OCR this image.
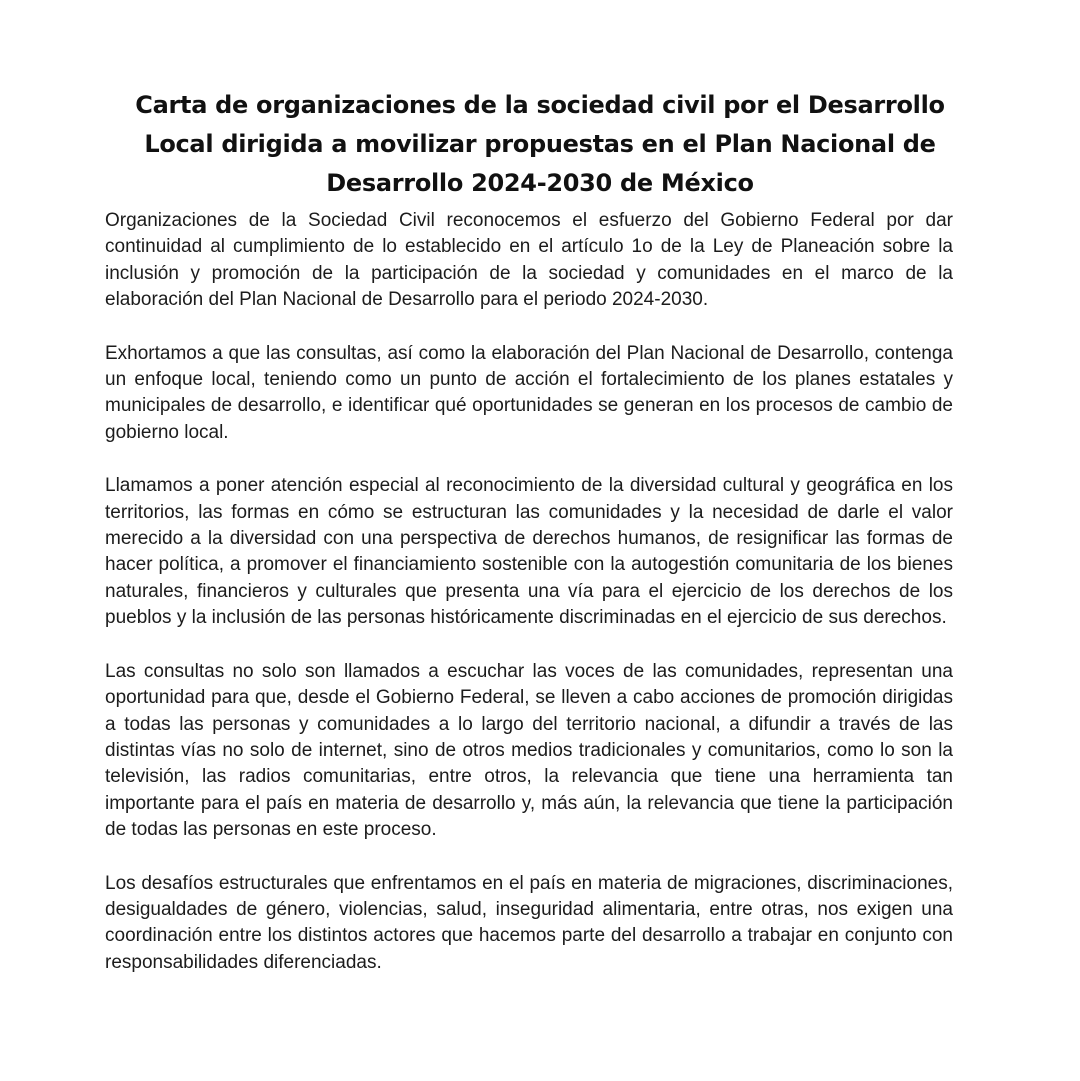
Carta de organizaciones de la sociedad civil por el Desarrollo Local dirigida a movilizar propuestas en el Plan Nacional de Desarrollo 2024-2030 de México

Organizaciones de la Sociedad Civil reconocemos el esfuerzo del Gobierno Federal por dar continuidad al cumplimiento de lo establecido en el artículo 1o de la Ley de Planeación sobre la inclusión y promoción de la participación de la sociedad y comunidades en el marco de la elaboración del Plan Nacional de Desarrollo para el periodo 2024-2030.

Exhortamos a que las consultas, así como la elaboración del Plan Nacional de Desarrollo, contenga un enfoque local, teniendo como un punto de acción el fortalecimiento de los planes estatales y municipales de desarrollo, e identificar qué oportunidades se generan en los procesos de cambio de gobierno local.

Llamamos a poner atención especial al reconocimiento de la diversidad cultural y geográfica en los territorios, las formas en cómo se estructuran las comunidades y la necesidad de darle el valor merecido a la diversidad con una perspectiva de derechos humanos, de resignificar las formas de hacer política, a promover el financiamiento sostenible con la autogestión comunitaria de los bienes naturales, financieros y culturales que presenta una vía para el ejercicio de los derechos de los pueblos y la inclusión de las personas históricamente discriminadas en el ejercicio de sus derechos.

Las consultas no solo son llamados a escuchar las voces de las comunidades, representan una oportunidad para que, desde el Gobierno Federal, se lleven a cabo acciones de promoción dirigidas a todas las personas y comunidades a lo largo del territorio nacional, a difundir a través de las distintas vías no solo de internet, sino de otros medios tradicionales y comunitarios, como lo son la televisión, las radios comunitarias, entre otros, la relevancia que tiene una herramienta tan importante para el país en materia de desarrollo y, más aún, la relevancia que tiene la participación de todas las personas en este proceso.

Los desafíos estructurales que enfrentamos en el país en materia de migraciones, discriminaciones, desigualdades de género, violencias, salud, inseguridad alimentaria, entre otras, nos exigen una coordinación entre los distintos actores que hacemos parte del desarrollo a trabajar en conjunto con responsabilidades diferenciadas.
